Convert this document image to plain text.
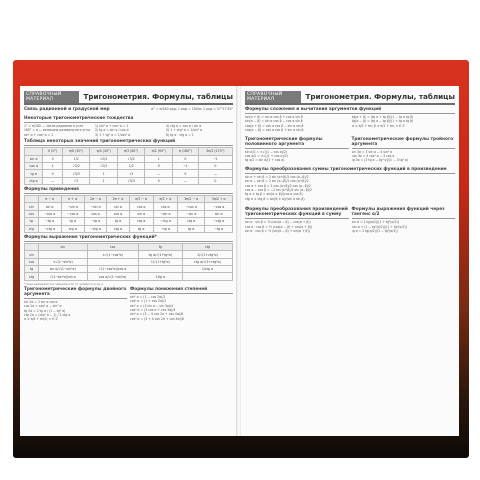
СПРАВОЧНЫЙ МАТЕРИАЛ	Тригонометрия. Формулы, таблицы
Связь радианной и градусной мер	π° = π/180 рад; 1 рад = 180/π; 1 рад ≈ 57°17'45"
Некоторые тригонометрические тождества
1° = π/180 — число радианов в угле
180° = π — величина развернутого угла
sin² α + cos² α = 1
1) sin² α + cos² α = 1
2) tg α = sin α / cos α
3) 1 + tg² α = 1/cos² α
4) ctg α = cos α / sin α
5) 1 + ctg² α = 1/sin² α
6) tg α · ctg α = 1
Таблица некоторых значений тригонометрических функций
	0 (0°)	π/6 (30°)	π/4 (45°)	π/3 (60°)	π/2 (90°)	π (180°)	3π/2 (270°)
sin α	0	1/2	√2/2	√3/2	1	0	−1
cos α	1	√3/2	√2/2	1/2	0	−1	0
tg α	0	√3/3	1	√3	—	0	—
ctg α	—	√3	1	√3/3	0	—	0
Формулы приведения
	π − α	π + α	2π − α	2π + α	π/2 − α	π/2 + α	3π/2 − α	3π/2 + α
sin	sin α	−sin α	−sin α	sin α	cos α	cos α	−cos α	−cos α
cos	−cos α	−cos α	cos α	cos α	sin α	−sin α	−sin α	sin α
tg	−tg α	tg α	−tg α	tg α	ctg α	−ctg α	ctg α	−ctg α
ctg	−ctg α	ctg α	−ctg α	ctg α	tg α	−tg α	tg α	−tg α
Формулы выражения тригонометрических функций*
	sin	cos	tg	ctg
sin		±√(1−cos²α)	tg α/√(1+tg²α)	1/√(1+ctg²α)
cos	±√(1−sin²α)		1/√(1+tg²α)	ctg α/√(1+ctg²α)
tg	sin α/√(1−sin²α)	√(1−cos²α)/cos α		1/ctg α
ctg	√(1−sin²α)/sin α	cos α/√(1−cos²α)	1/tg α	
* Знак выбирается в зависимости от четверти угла α
Тригонометрические формулы двойного аргумента
sin 2α = 2 sin α cos α
cos 2α = cos² α − sin² α
tg 2α = 2 tg α / (1 − tg² α)
ctg 2α = (ctg² α − 1) / 2 ctg α
α ≠ π/4 + πn/2; n ∈ Z
Формулы понижения степеней
sin² α = (1 − cos 2α)/2
cos² α = (1 + cos 2α)/2
sin³ α = (3 sin α − sin 3α)/4
cos³ α = (3 cos α + cos 3α)/4
sin⁴ α = (3 − 4 cos 2α + cos 4α)/8
cos⁴ α = (3 + 4 cos 2α + cos 4α)/8
СПРАВОЧНЫЙ МАТЕРИАЛ	Тригонометрия. Формулы, таблицы
Формулы сложения и вычитания аргументов функций
sin(α + β) = sin α cos β + cos α sin β
sin(α − β) = sin α cos β − cos α sin β
cos(α + β) = cos α cos β − sin α sin β
cos(α − β) = cos α cos β + sin α sin β
tg(α + β) = (tg α + tg β)/(1 − tg α tg β)
tg(α − β) = (tg α − tg β)/(1 + tg α tg β)
α ≠ π/2 + πn; β ≠ π/2 + πn; n ∈ Z
Тригонометрические формулы половинного аргумента
sin α/2 = ±√((1 − cos α)/2)
cos α/2 = ±√((1 + cos α)/2)
tg α/2 = sin α/(1 + cos α)
Тригонометрические формулы тройного аргумента
sin 3α = 3 sin α − 4 sin³ α
cos 3α = 4 cos³ α − 3 cos α
tg 3α = (3 tg α − tg³ α)/(1 − 3 tg² α)
Формулы преобразования суммы тригонометрических функций в произведение
sin α + sin β = 2 sin (α+β)/2 cos (α−β)/2
sin α − sin β = 2 sin (α−β)/2 cos (α+β)/2
cos α + cos β = 2 cos (α+β)/2 cos (α−β)/2
cos α − cos β = −2 sin (α+β)/2 sin (α−β)/2
tg α ± tg β = sin(α ± β)/(cos α cos β)
ctg α ± ctg β = sin(β ± α)/(sin α sin β)
Формулы преобразования произведений тригонометрических функций в сумму
sin α · sin β = ½ (cos(α − β) − cos(α + β))
cos α · cos β = ½ (cos(α − β) + cos(α + β))
sin α · cos β = ½ (sin(α − β) + sin(α + β))
Формулы выражения функций через тангенс α/2
sin α = 2 tg(α/2)/(1 + tg²(α/2))
cos α = (1 − tg²(α/2))/(1 + tg²(α/2))
tg α = 2 tg(α/2)/(1 − tg²(α/2))
